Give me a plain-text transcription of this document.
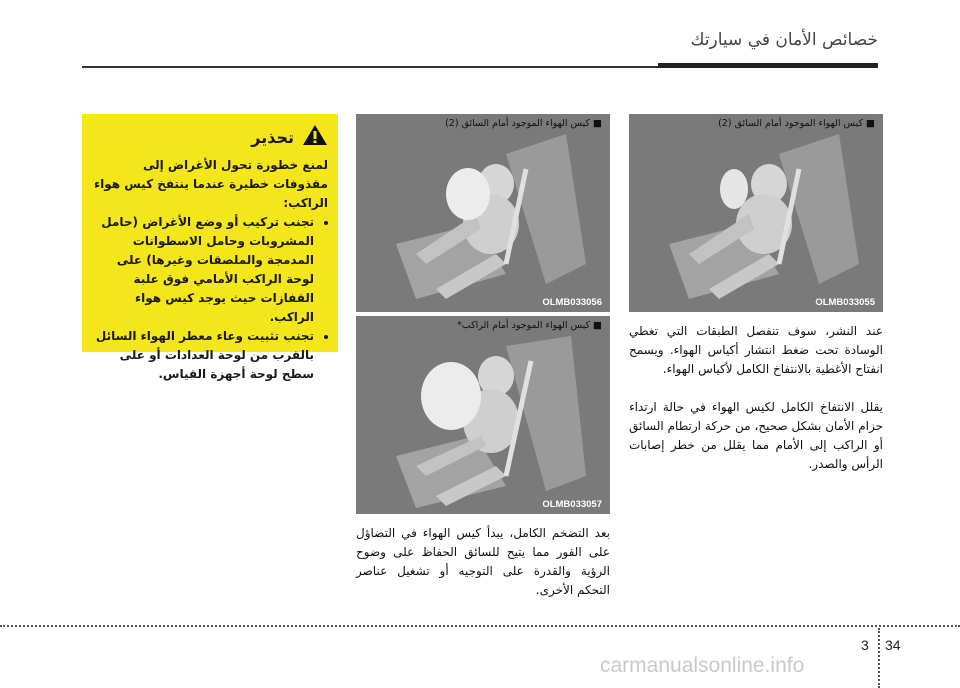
خصائص الأمان في سيارتك
تحذير
لمنع خطورة تحول الأغراض إلى مقذوفات خطيرة عندما ينتفخ كيس هواء الراكب:
• تجنب تركيب أو وضع الأغراض (حامل المشروبات وحامل الاسطوانات المدمجة والملصقات وغيرها) على لوحة الراكب الأمامي فوق علبة القفازات حيث يوجد كيس هواء الراكب.
• تجنب تثبيت وعاء معطر الهواء السائل بالقرب من لوحة العدادات أو على سطح لوحة أجهزة القياس.
■ كيس الهواء الموجود أمام السائق (2)
OLMB033055
■ كيس الهواء الموجود أمام السائق (2)
OLMB033056
■ كيس الهواء الموجود أمام الراكب*
OLMB033057
عند النشر، سوف تنفصل الطبقات التي تغطي الوسادة تحت ضغط انتشار أكياس الهواء. ويسمح انفتاح الأغطية بالانتفاخ الكامل لأكياس الهواء.
يقلل الانتفاخ الكامل لكيس الهواء في حالة ارتداء حزام الأمان بشكل صحيح، من حركة ارتطام السائق أو الراكب إلى الأمام مما يقلل من خطر إصابات الرأس والصدر.
بعد التضخم الكامل، يبدأ كيس الهواء في التضاؤل على الفور مما يتيح للسائق الحفاظ على وضوح الرؤية والقدرة على التوجيه أو تشغيل عناصر التحكم الأخرى.
3 34
carmanualsonline.info
